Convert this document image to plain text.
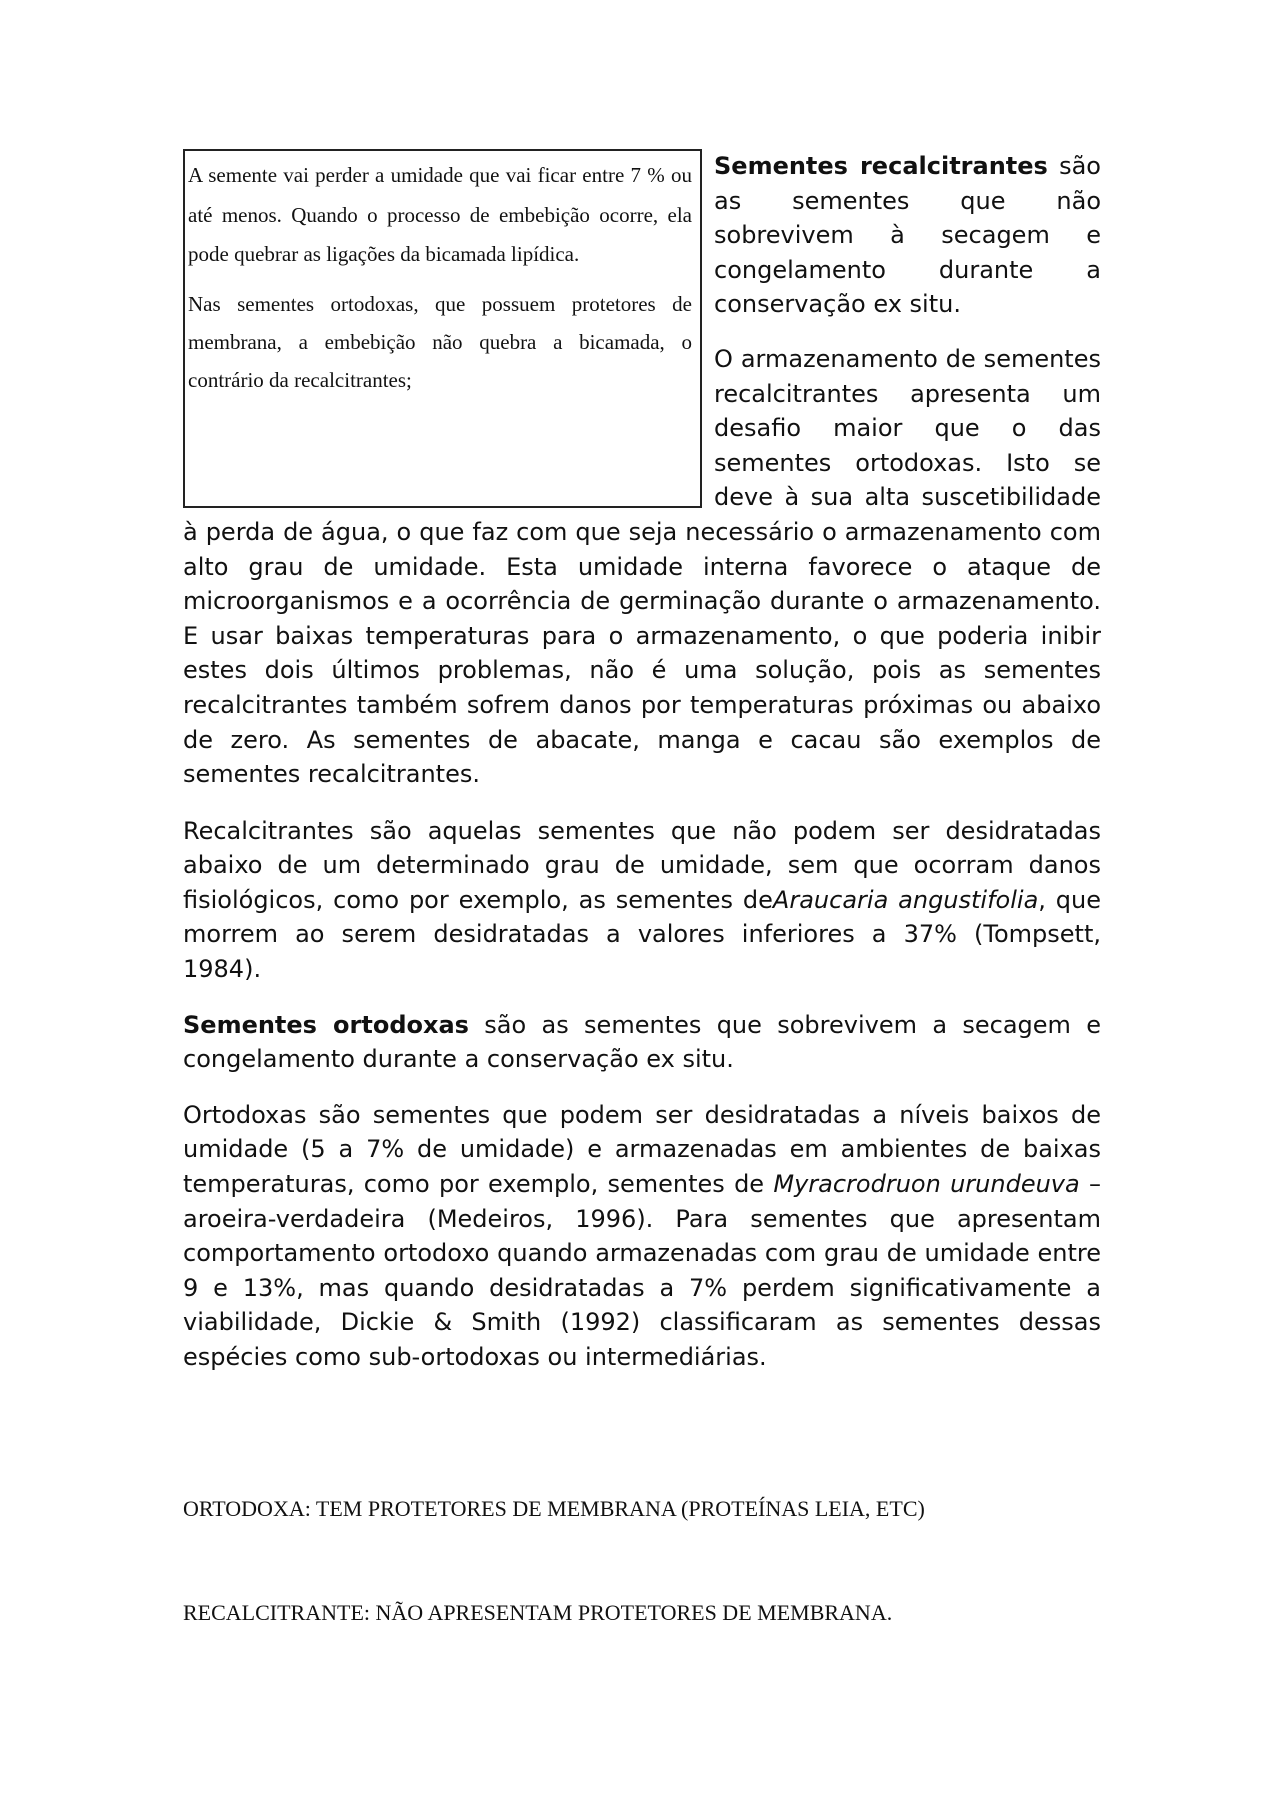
A semente vai perder a umidade que vai ficar entre 7 % ou até menos. Quando o processo de embebição ocorre, ela pode quebrar as ligações da bicamada lipídica.

Nas sementes ortodoxas, que possuem protetores de membrana, a embebição não quebra a bicamada, o contrário da recalcitrantes;

Sementes recalcitrantes são as sementes que não sobrevivem à secagem e congelamento durante a conservação ex situ.

O armazenamento de sementes recalcitrantes apresenta um desafio maior que o das sementes ortodoxas. Isto se deve à sua alta suscetibilidade à perda de água, o que faz com que seja necessário o armazenamento com alto grau de umidade. Esta umidade interna favorece o ataque de microorganismos e a ocorrência de germinação durante o armazenamento. E usar baixas temperaturas para o armazenamento, o que poderia inibir estes dois últimos problemas, não é uma solução, pois as sementes recalcitrantes também sofrem danos por temperaturas próximas ou abaixo de zero. As sementes de abacate, manga e cacau são exemplos de sementes recalcitrantes.

Recalcitrantes são aquelas sementes que não podem ser desidratadas abaixo de um determinado grau de umidade, sem que ocorram danos fisiológicos, como por exemplo, as sementes deAraucaria angustifolia, que morrem ao serem desidratadas a valores inferiores a 37% (Tompsett, 1984).

Sementes ortodoxas são as sementes que sobrevivem a secagem e congelamento durante a conservação ex situ.

Ortodoxas são sementes que podem ser desidratadas a níveis baixos de umidade (5 a 7% de umidade) e armazenadas em ambientes de baixas temperaturas, como por exemplo, sementes de Myracrodruon urundeuva – aroeira-verdadeira (Medeiros, 1996). Para sementes que apresentam comportamento ortodoxo quando armazenadas com grau de umidade entre 9 e 13%, mas quando desidratadas a 7% perdem significativamente a viabilidade, Dickie & Smith (1992) classificaram as sementes dessas espécies como sub-ortodoxas ou intermediárias.

ORTODOXA: TEM PROTETORES DE MEMBRANA (PROTEÍNAS LEIA, ETC)

RECALCITRANTE: NÃO APRESENTAM PROTETORES DE MEMBRANA.
